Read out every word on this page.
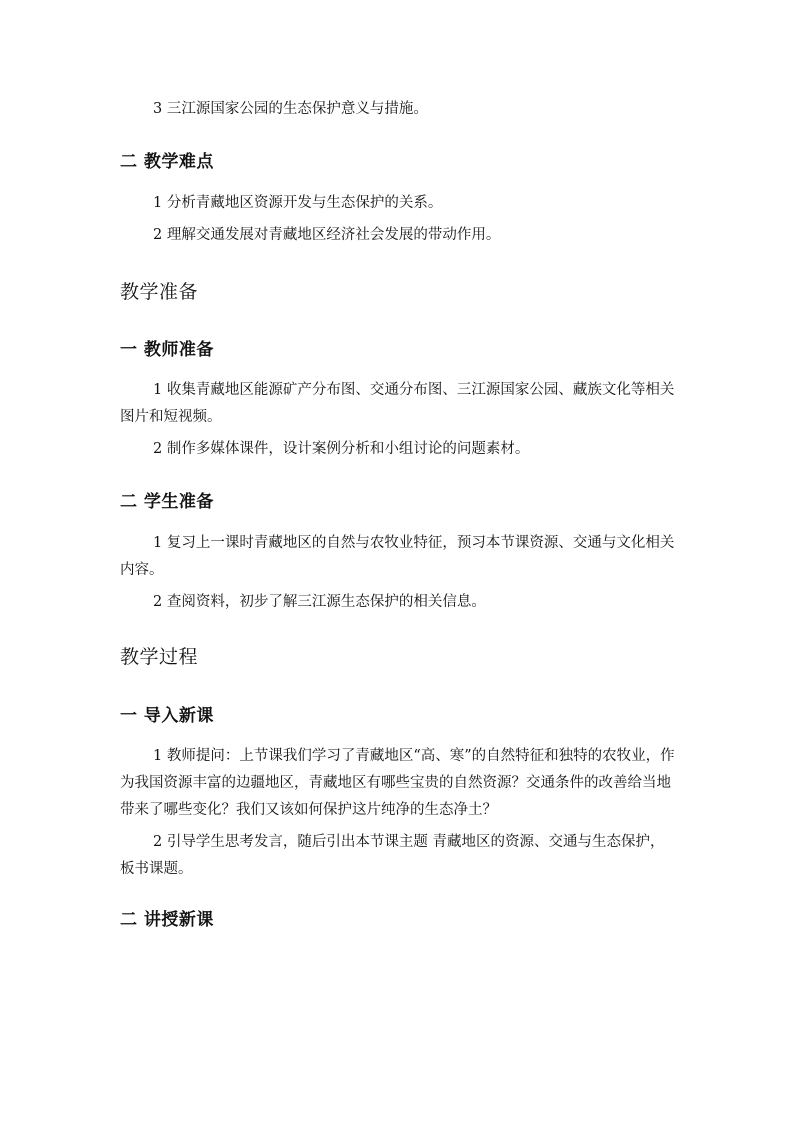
3 三江源国家公园的生态保护意义与措施。

二 教学难点

1 分析青藏地区资源开发与生态保护的关系。

2 理解交通发展对青藏地区经济社会发展的带动作用。

教学准备
一 教师准备

1 收集青藏地区能源矿产分布图、交通分布图、三江源国家公园、藏族文化等相关图片和短视频。

2 制作多媒体课件，设计案例分析和小组讨论的问题素材。

二 学生准备

1 复习上一课时青藏地区的自然与农牧业特征，预习本节课资源、交通与文化相关内容。

2 查阅资料，初步了解三江源生态保护的相关信息。

教学过程
一 导入新课

1 教师提问：上节课我们学习了青藏地区“高、寒”的自然特征和独特的农牧业，作为我国资源丰富的边疆地区，青藏地区有哪些宝贵的自然资源？交通条件的改善给当地带来了哪些变化？我们又该如何保护这片纯净的生态净土？

2 引导学生思考发言，随后引出本节课主题 青藏地区的资源、交通与生态保护，板书课题。

二 讲授新课
